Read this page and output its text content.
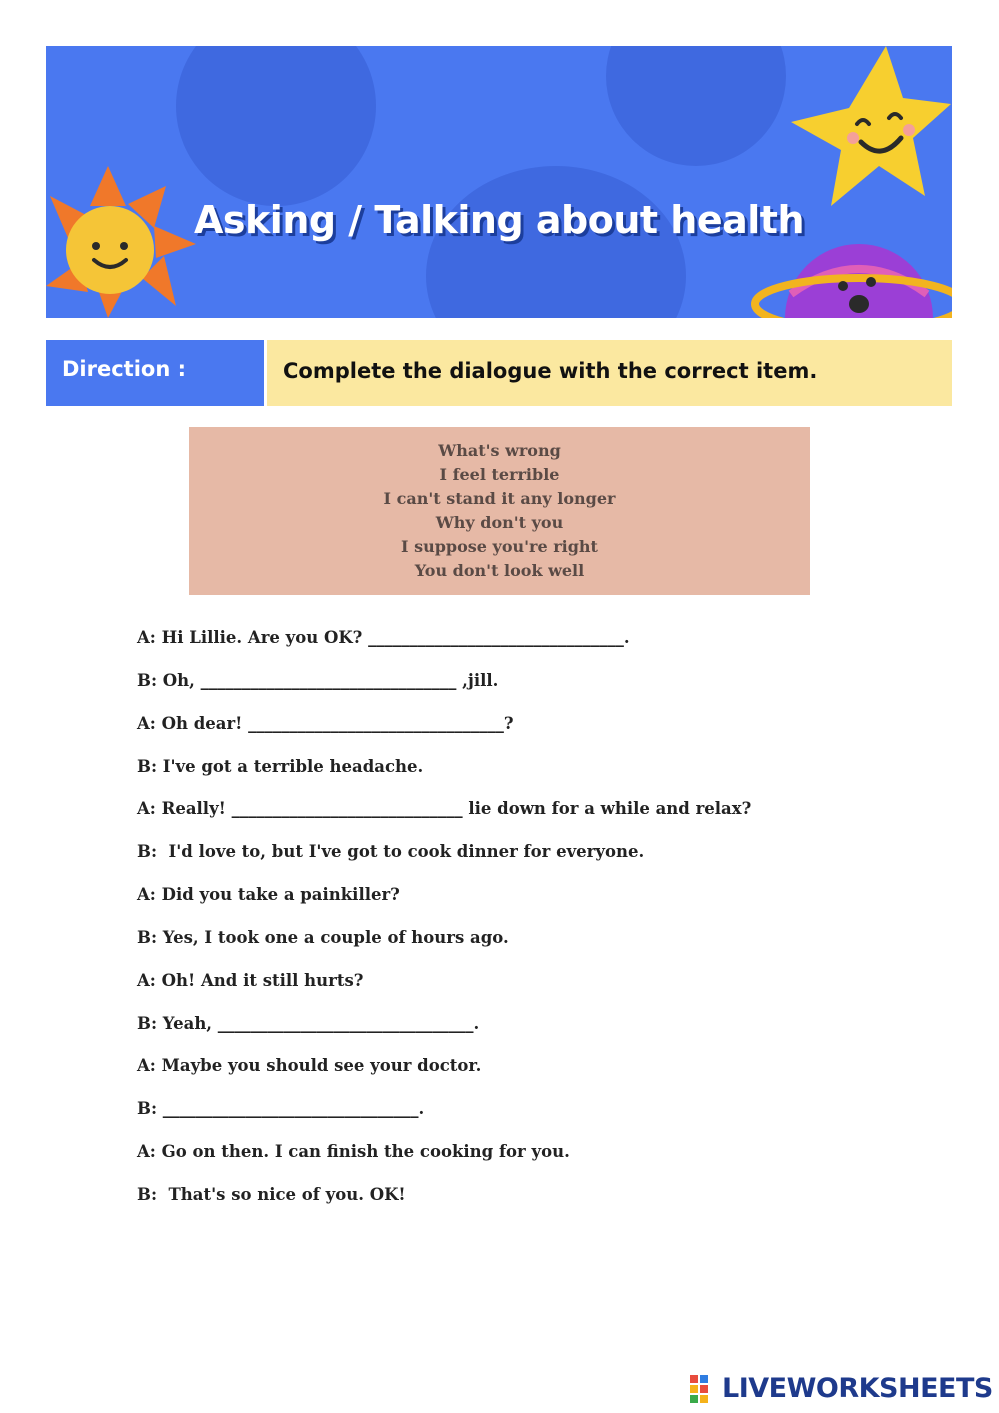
Asking / Talking about health
Direction :	Complete the dialogue with the correct item.
What's wrong
I feel terrible
I can't stand it any longer
Why don't you
I suppose you're right
You don't look well
A: Hi Lillie. Are you OK? _______________________________.
B: Oh, _______________________________ ,jill.
A: Oh dear! _______________________________?
B: I've got a terrible headache.
A: Really! ____________________________ lie down for a while and relax?
B:  I'd love to, but I've got to cook dinner for everyone.
A: Did you take a painkiller?
B: Yes, I took one a couple of hours ago.
A: Oh! And it still hurts?
B: Yeah, _______________________________.
A: Maybe you should see your doctor.
B: _______________________________.
A: Go on then. I can finish the cooking for you.
B:  That's so nice of you. OK!
LIVEWORKSHEETS
